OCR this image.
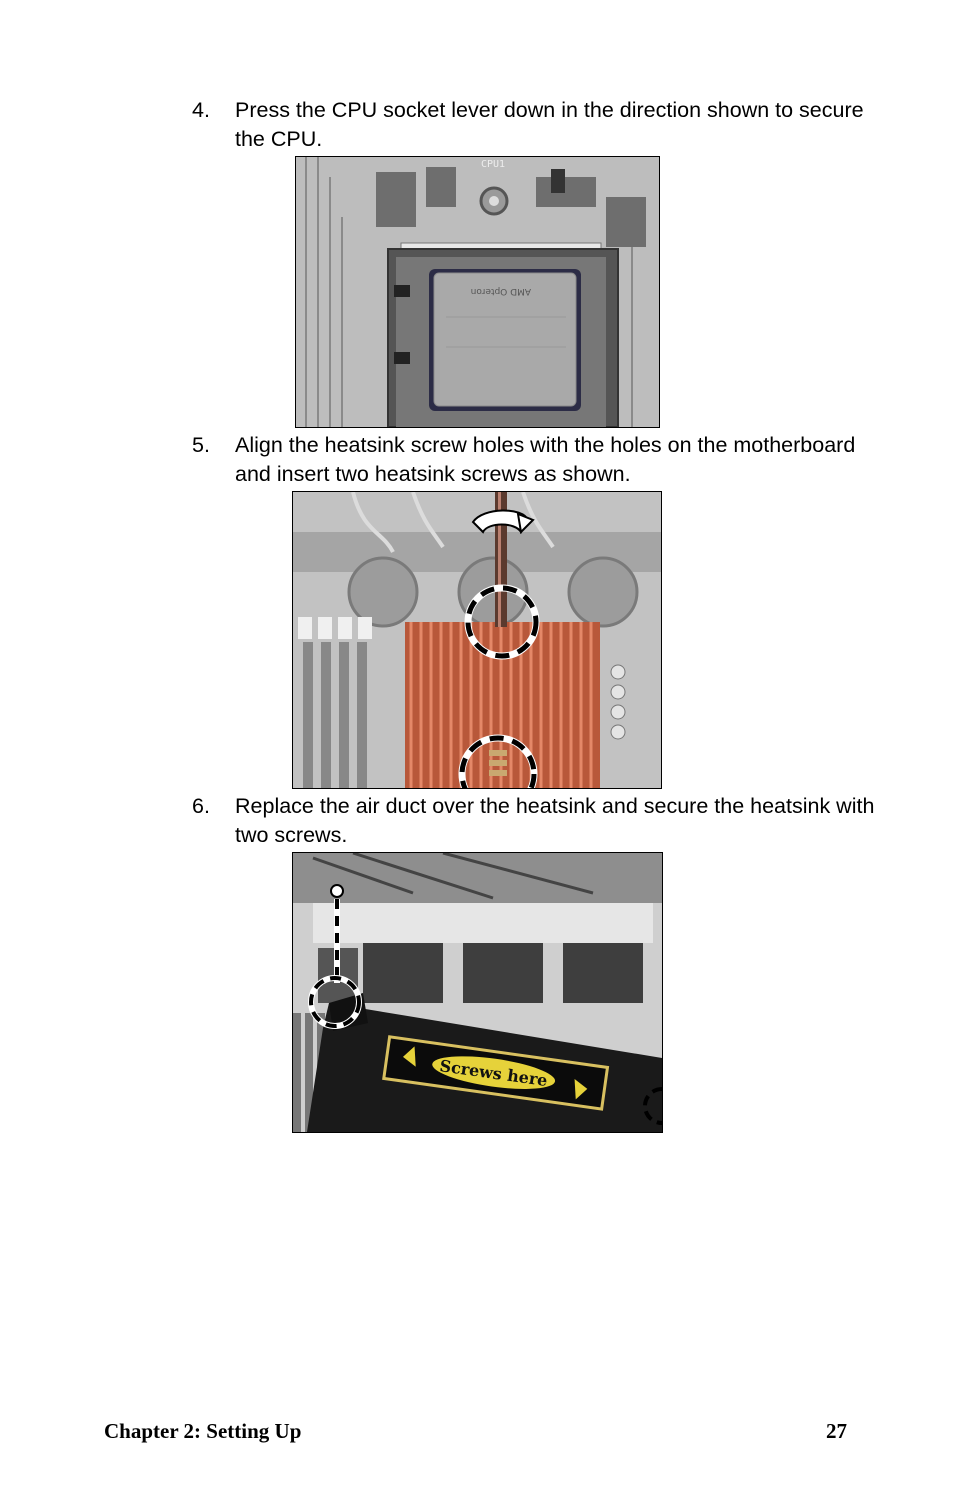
4. Press the CPU socket lever down in the direction shown to secure the CPU.
CPU1
AMD Opteron
5. Align the heatsink screw holes with the holes on the motherboard and insert two heatsink screws as shown.
6. Replace the air duct over the heatsink and secure the heatsink with two screws.
Screws here
Chapter 2: Setting Up	27
